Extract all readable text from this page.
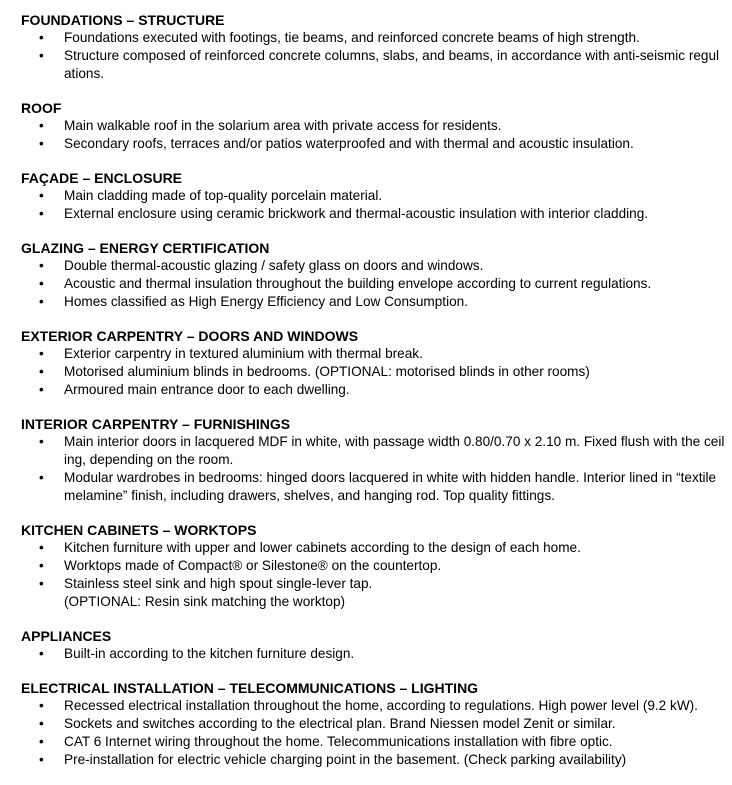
FOUNDATIONS – STRUCTURE
• Foundations executed with footings, tie beams, and reinforced concrete beams of high strength.
• Structure composed of reinforced concrete columns, slabs, and beams, in accordance with anti-seismic regulations.
ROOF
• Main walkable roof in the solarium area with private access for residents.
• Secondary roofs, terraces and/or patios waterproofed and with thermal and acoustic insulation.
FAÇADE – ENCLOSURE
• Main cladding made of top-quality porcelain material.
• External enclosure using ceramic brickwork and thermal-acoustic insulation with interior cladding.
GLAZING – ENERGY CERTIFICATION
• Double thermal-acoustic glazing / safety glass on doors and windows.
• Acoustic and thermal insulation throughout the building envelope according to current regulations.
• Homes classified as High Energy Efficiency and Low Consumption.
EXTERIOR CARPENTRY – DOORS AND WINDOWS
• Exterior carpentry in textured aluminium with thermal break.
• Motorised aluminium blinds in bedrooms. (OPTIONAL: motorised blinds in other rooms)
• Armoured main entrance door to each dwelling.
INTERIOR CARPENTRY – FURNISHINGS
• Main interior doors in lacquered MDF in white, with passage width 0.80/0.70 x 2.10 m. Fixed flush with the ceiling, depending on the room.
• Modular wardrobes in bedrooms: hinged doors lacquered in white with hidden handle. Interior lined in “textile melamine” finish, including drawers, shelves, and hanging rod. Top quality fittings.
KITCHEN CABINETS – WORKTOPS
• Kitchen furniture with upper and lower cabinets according to the design of each home.
• Worktops made of Compact® or Silestone® on the countertop.
• Stainless steel sink and high spout single-lever tap.
(OPTIONAL: Resin sink matching the worktop)
APPLIANCES
• Built-in according to the kitchen furniture design.
ELECTRICAL INSTALLATION – TELECOMMUNICATIONS – LIGHTING
• Recessed electrical installation throughout the home, according to regulations. High power level (9.2 kW).
• Sockets and switches according to the electrical plan. Brand Niessen model Zenit or similar.
• CAT 6 Internet wiring throughout the home. Telecommunications installation with fibre optic.
• Pre-installation for electric vehicle charging point in the basement. (Check parking availability)
